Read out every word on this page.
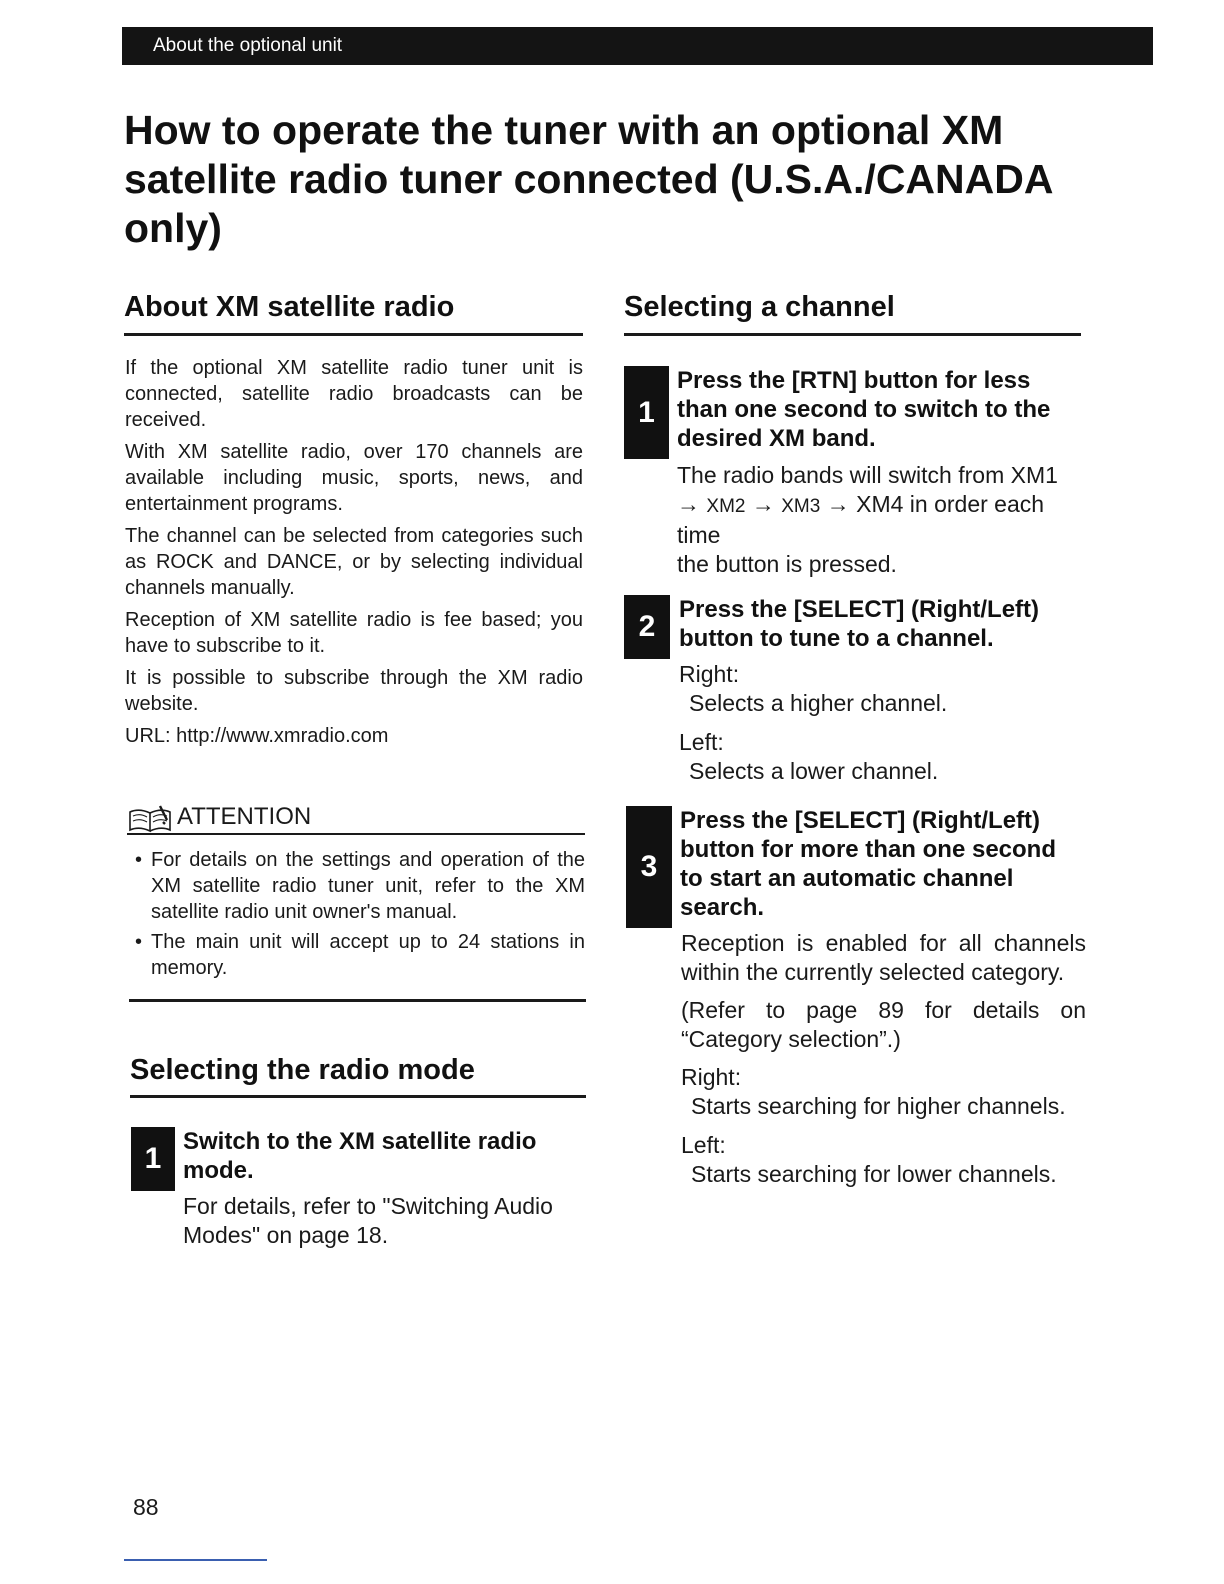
About the optional unit
How to operate the tuner with an optional XM satellite radio tuner connected (U.S.A./CANADA only)
About XM satellite radio

If the optional XM satellite radio tuner unit is connected, satellite radio broadcasts can be received.

With XM satellite radio, over 170 channels are available including music, sports, news, and entertainment programs.

The channel can be selected from categories such as ROCK and DANCE, or by selecting individual channels manually.

Reception of XM satellite radio is fee based; you have to subscribe to it.

It is possible to subscribe through the XM radio website.

URL: http://www.xmradio.com

ATTENTION
• For details on the settings and operation of the XM satellite radio tuner unit, refer to the XM satellite radio unit owner's manual.
• The main unit will accept up to 24 stations in memory.
Selecting the radio mode
1
Switch to the XM satellite radio mode.

For details, refer to "Switching Audio Modes" on page 18.

Selecting a channel
1
Press the [RTN] button for less than one second to switch to the desired XM band.

The radio bands will switch from XM1

→ XM2 → XM3 → XM4 in order each

time

the button is pressed.

2
Press the [SELECT] (Right/Left) button to tune to a channel.

Right:

Selects a higher channel.

Left:

Selects a lower channel.

3
Press the [SELECT] (Right/Left) button for more than one second to start an automatic channel search.

Reception is enabled for all channels within the currently selected category.

(Refer to page 89 for details on “Category selection”.)

Right:

Starts searching for higher channels.

Left:

Starts searching for lower channels.

88
